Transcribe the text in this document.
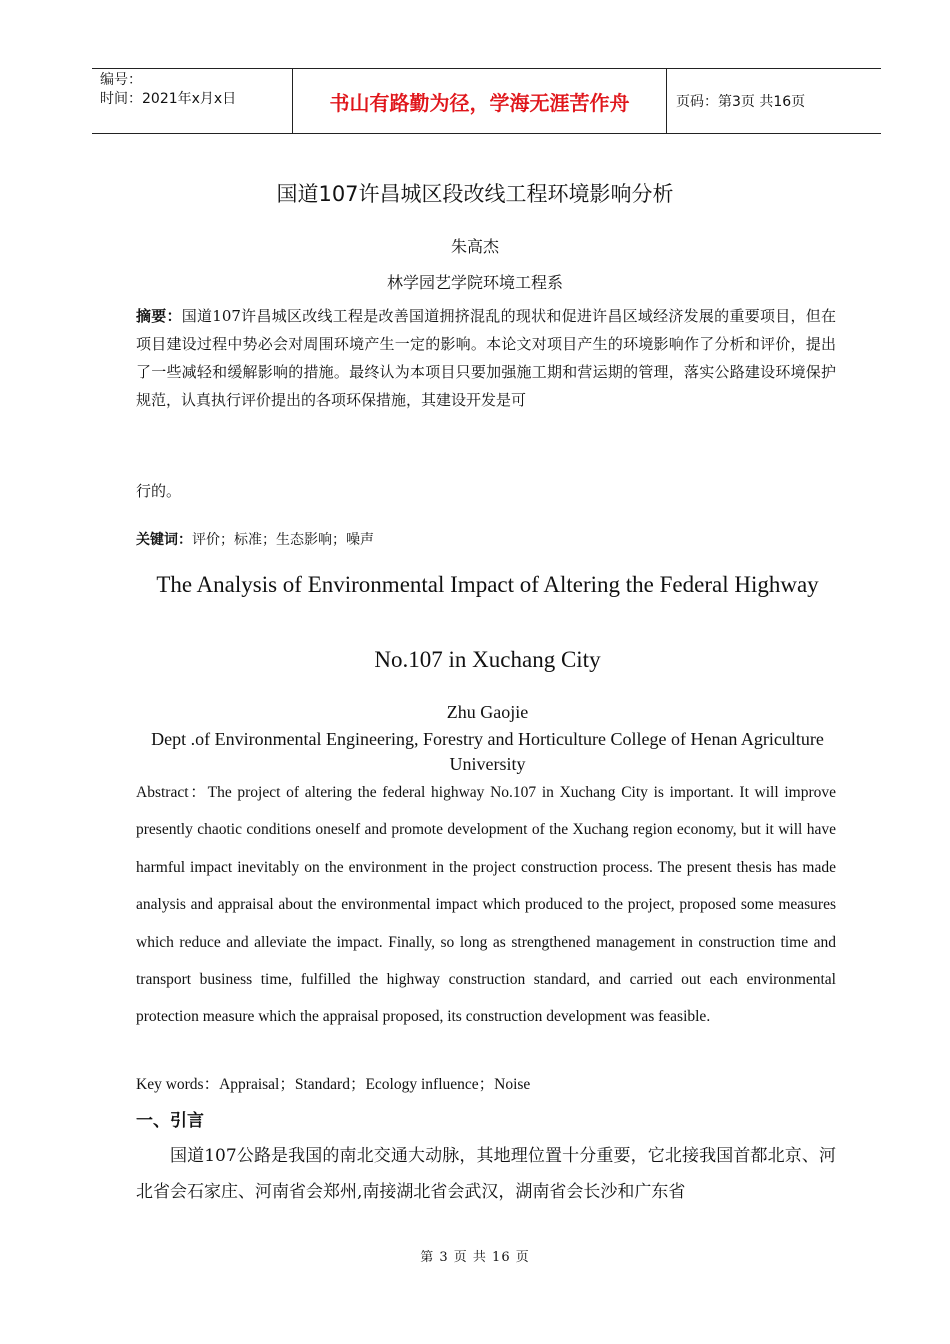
编号：
时间：2021年x月x日	书山有路勤为径，学海无涯苦作舟	页码：第3页 共16页
国道107许昌城区段改线工程环境影响分析
朱高杰
林学园艺学院环境工程系
摘要：国道107许昌城区改线工程是改善国道拥挤混乱的现状和促进许昌区域经济发展的重要项目，但在项目建设过程中势必会对周围环境产生一定的影响。本论文对项目产生的环境影响作了分析和评价，提出了一些减轻和缓解影响的措施。最终认为本项目只要加强施工期和营运期的管理，落实公路建设环境保护规范，认真执行评价提出的各项环保措施，其建设开发是可
行的。
关键词：评价；标准；生态影响；噪声
The Analysis of Environmental Impact of Altering the Federal Highway
No.107 in Xuchang City
Zhu Gaojie
Dept .of Environmental Engineering, Forestry and Horticulture College of Henan Agriculture University
Abstract：The project of altering the federal highway No.107 in Xuchang City is important. It will improve presently chaotic conditions oneself and promote development of the Xuchang region economy, but it will have harmful impact inevitably on the environment in the project construction process. The present thesis has made analysis and appraisal about the environmental impact which produced to the project, proposed some measures which reduce and alleviate the impact. Finally, so long as strengthened management in construction time and transport business time, fulfilled the highway construction standard, and carried out each environmental protection measure which the appraisal proposed, its construction development was feasible.
Key words：Appraisal；Standard；Ecology influence；Noise
一、引言
国道107公路是我国的南北交通大动脉，其地理位置十分重要，它北接我国首都北京、河北省会石家庄、河南省会郑州,南接湖北省会武汉，湖南省会长沙和广东省
第 3 页 共 16 页
